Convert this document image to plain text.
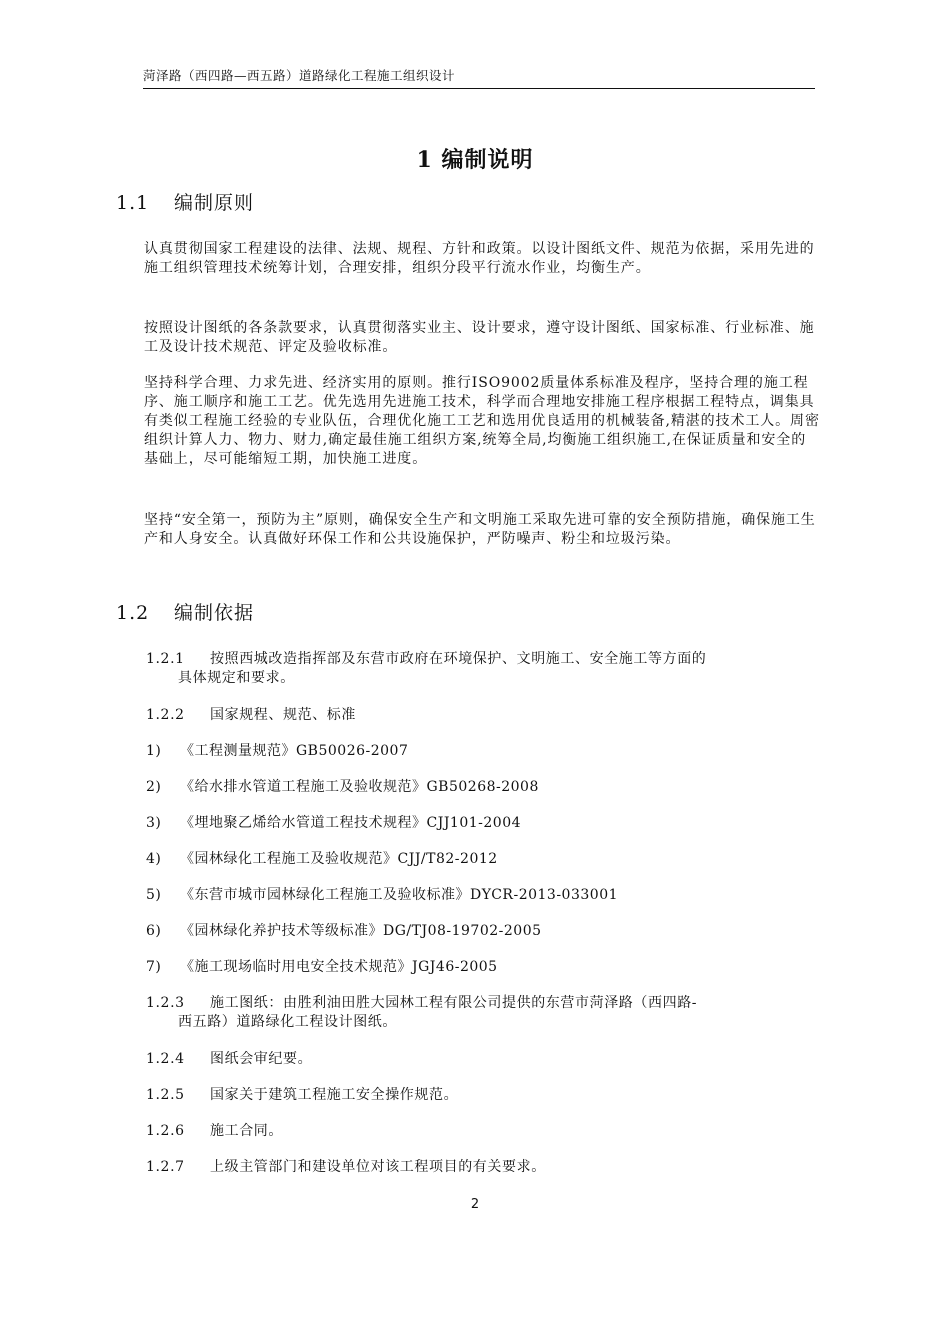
菏泽路（西四路—西五路）道路绿化工程施工组织设计
1 编制说明
1.1 编制原则

认真贯彻国家工程建设的法律、法规、规程、方针和政策。以设计图纸文件、规范为依据，采用先进的施工组织管理技术统筹计划，合理安排，组织分段平行流水作业，均衡生产。

按照设计图纸的各条款要求，认真贯彻落实业主、设计要求，遵守设计图纸、国家标准、行业标准、施工及设计技术规范、评定及验收标准。

坚持科学合理、力求先进、经济实用的原则。推行ISO9002质量体系标准及程序，坚持合理的施工程序、施工顺序和施工工艺。优先选用先进施工技术，科学而合理地安排施工程序根据工程特点，调集具有类似工程施工经验的专业队伍，合理优化施工工艺和选用优良适用的机械装备,精湛的技术工人。周密组织计算人力、物力、财力,确定最佳施工组织方案,统筹全局,均衡施工组织施工,在保证质量和安全的基础上，尽可能缩短工期，加快施工进度。

坚持“安全第一，预防为主”原则，确保安全生产和文明施工采取先进可靠的安全预防措施，确保施工生产和人身安全。认真做好环保工作和公共设施保护，严防噪声、粉尘和垃圾污染。

1.2 编制依据
1.2.1 按照西城改造指挥部及东营市政府在环境保护、文明施工、安全施工等方面的
具体规定和要求。
1.2.2 国家规程、规范、标准
1) 《工程测量规范》GB50026-2007
2) 《给水排水管道工程施工及验收规范》GB50268-2008
3) 《埋地聚乙烯给水管道工程技术规程》CJJ101-2004
4) 《园林绿化工程施工及验收规范》CJJ/T82-2012
5) 《东营市城市园林绿化工程施工及验收标准》DYCR-2013-033001
6) 《园林绿化养护技术等级标准》DG/TJ08-19702-2005
7) 《施工现场临时用电安全技术规范》JGJ46-2005
1.2.3 施工图纸：由胜利油田胜大园林工程有限公司提供的东营市菏泽路（西四路-
西五路）道路绿化工程设计图纸。
1.2.4 图纸会审纪要。
1.2.5 国家关于建筑工程施工安全操作规范。
1.2.6 施工合同。
1.2.7 上级主管部门和建设单位对该工程项目的有关要求。
2
